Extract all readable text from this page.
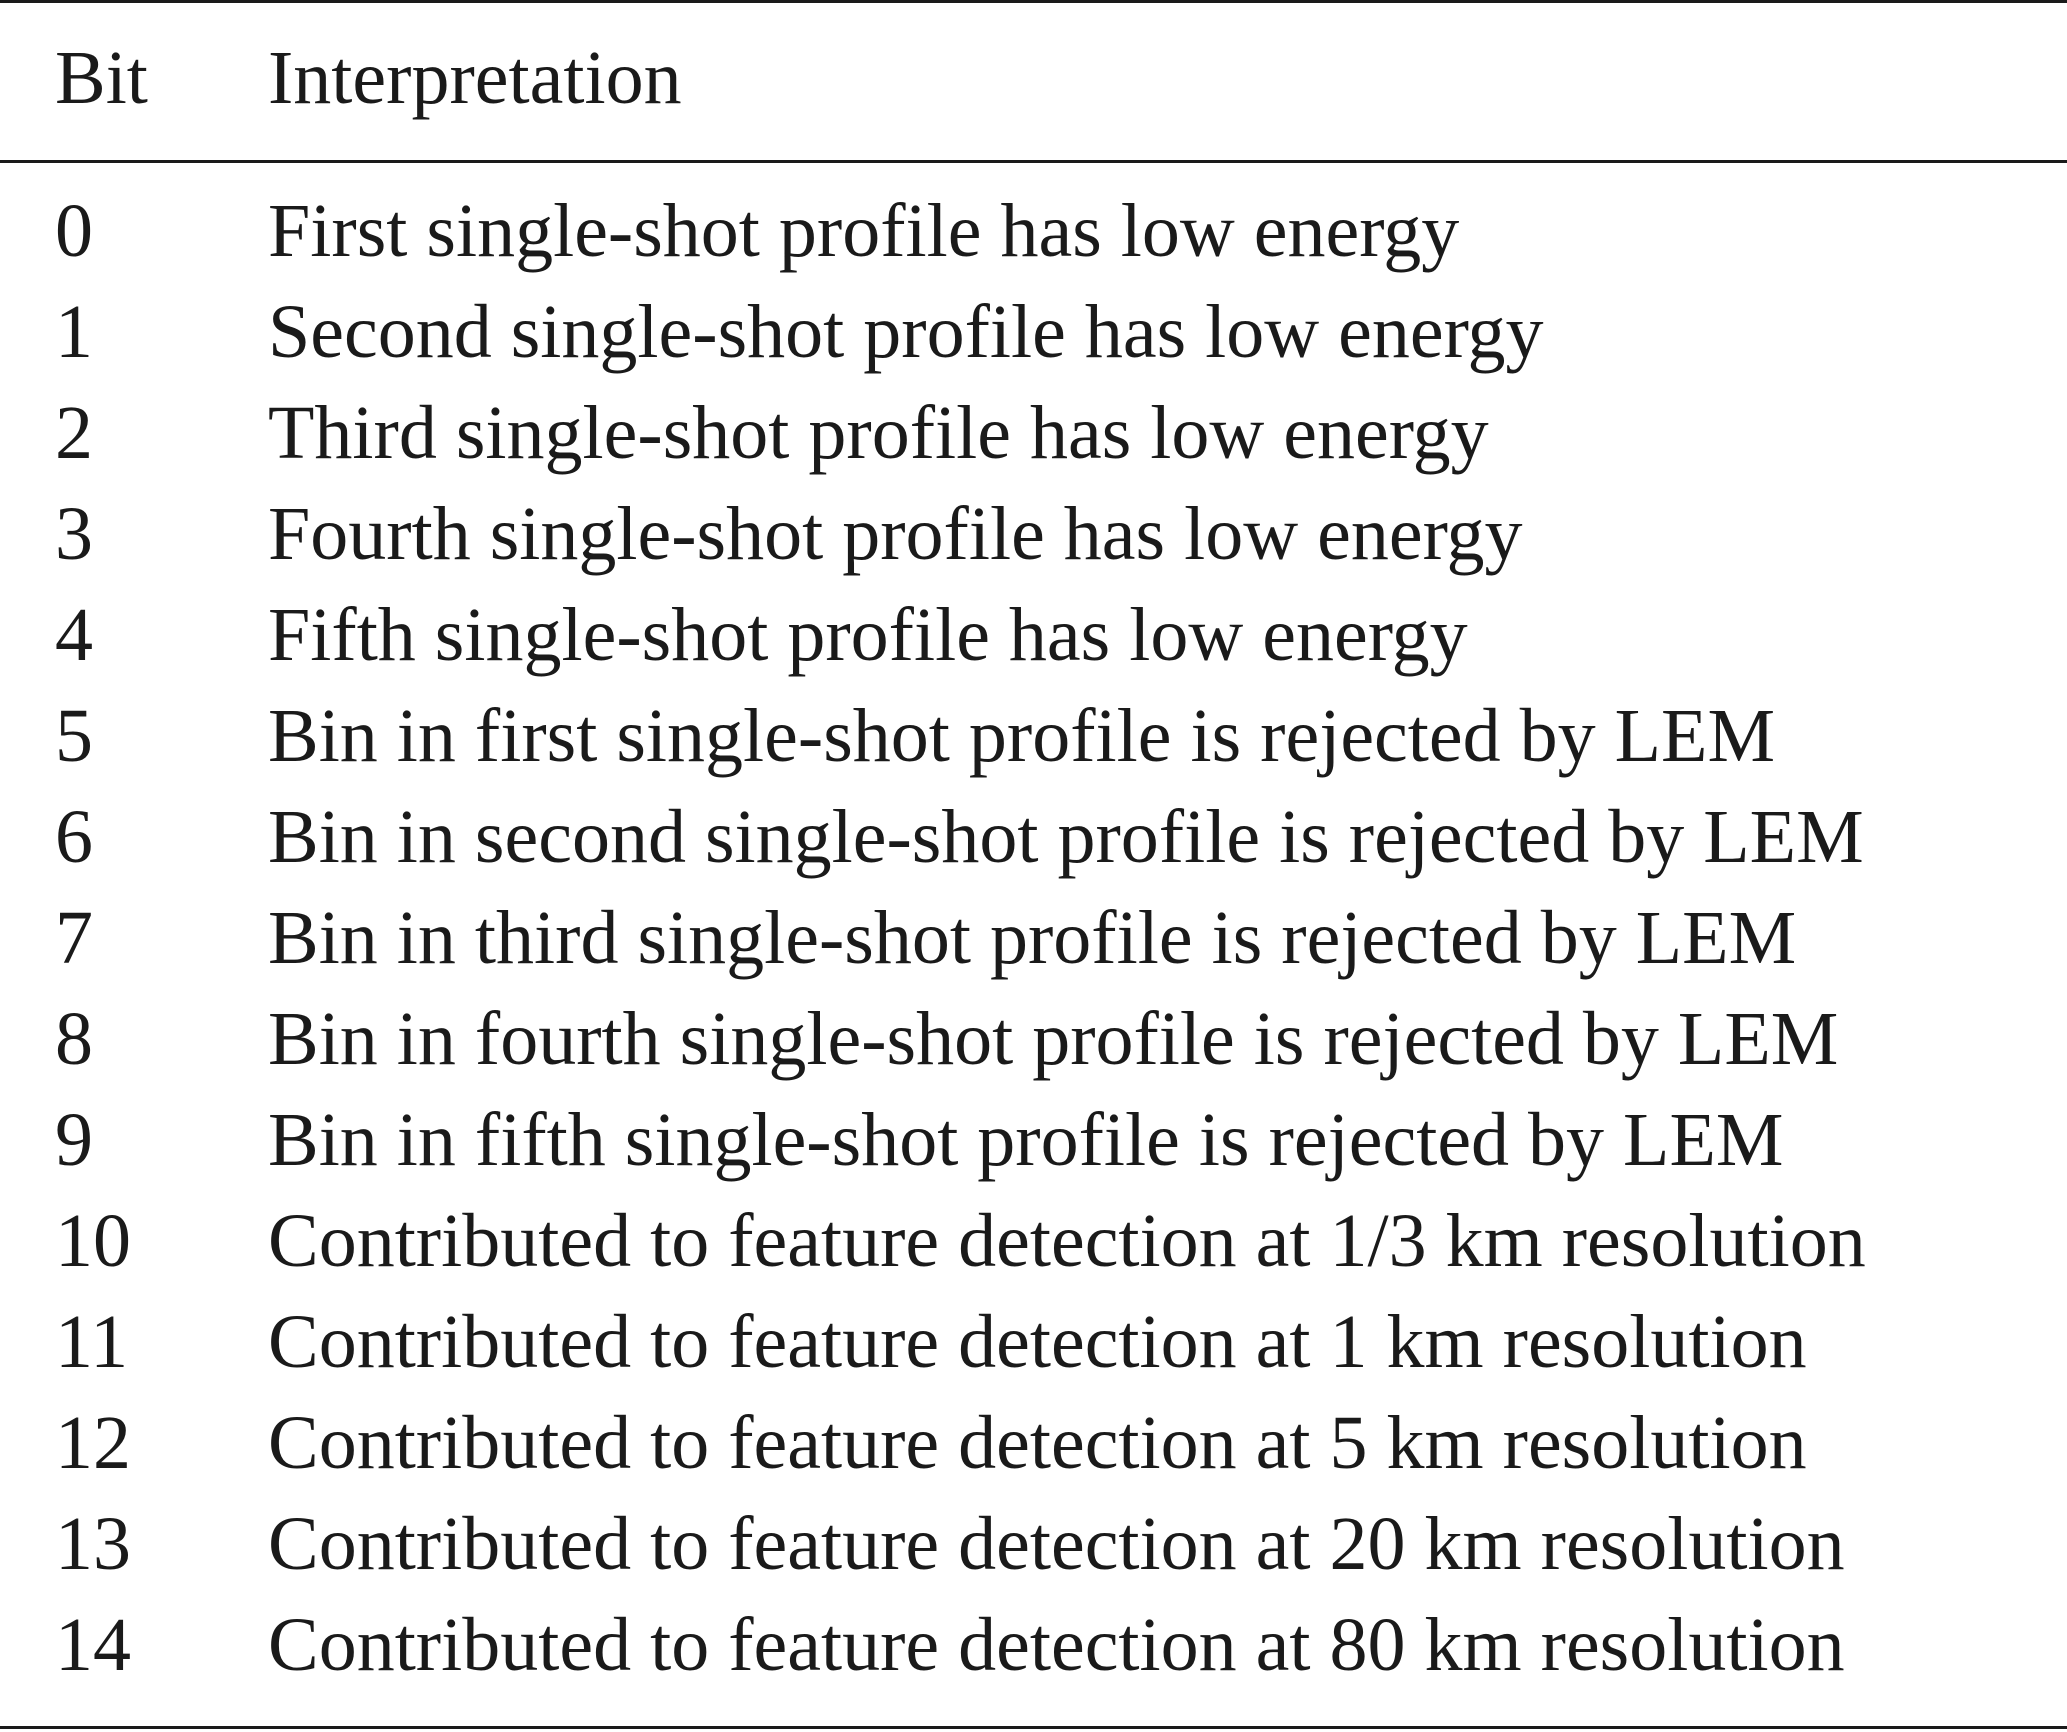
Bit Interpretation
0 First single-shot profile has low energy
1 Second single-shot profile has low energy
2 Third single-shot profile has low energy
3 Fourth single-shot profile has low energy
4 Fifth single-shot profile has low energy
5 Bin in first single-shot profile is rejected by LEM
6 Bin in second single-shot profile is rejected by LEM
7 Bin in third single-shot profile is rejected by LEM
8 Bin in fourth single-shot profile is rejected by LEM
9 Bin in fifth single-shot profile is rejected by LEM
10 Contributed to feature detection at 1/3 km resolution
11 Contributed to feature detection at 1 km resolution
12 Contributed to feature detection at 5 km resolution
13 Contributed to feature detection at 20 km resolution
14 Contributed to feature detection at 80 km resolution
